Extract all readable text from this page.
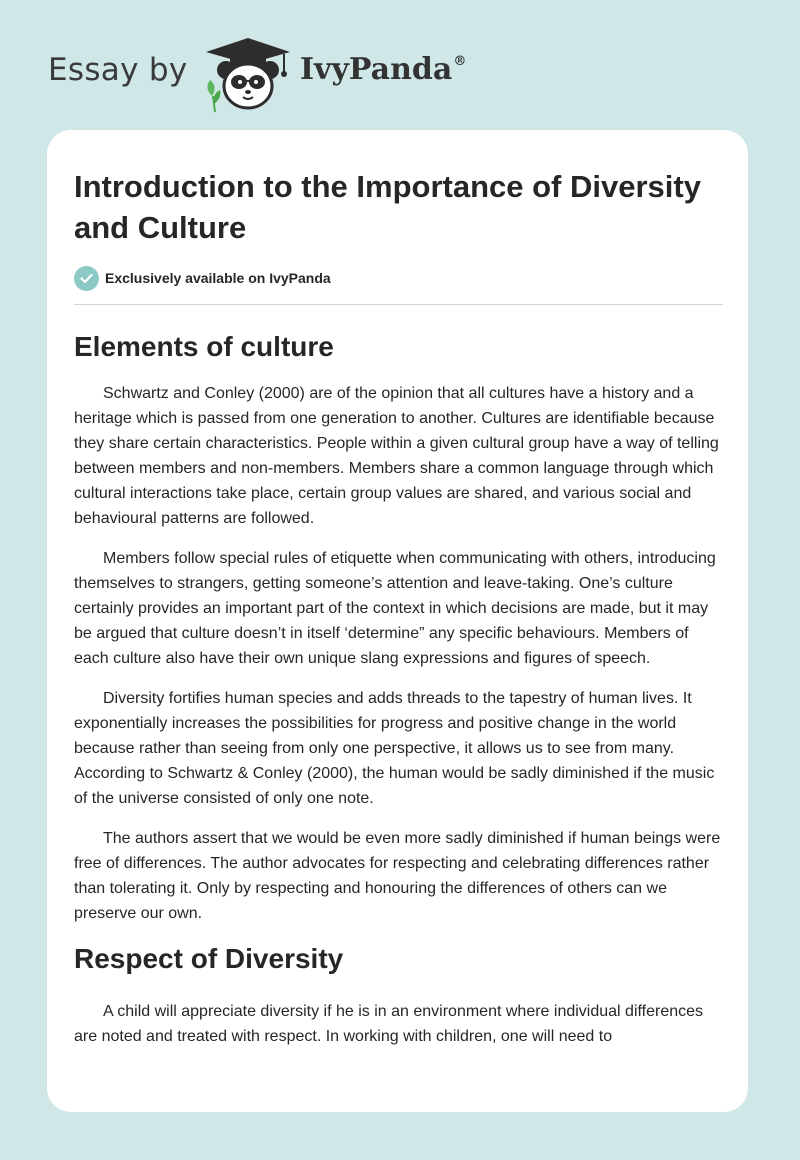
Essay by	IvyPanda®
Introduction to the Importance of Diversity and Culture
Exclusively available on IvyPanda
Elements of culture

Schwartz and Conley (2000) are of the opinion that all cultures have a history and a heritage which is passed from one generation to another. Cultures are identifiable because they share certain characteristics. People within a given cultural group have a way of telling between members and non-members. Members share a common language through which cultural interactions take place, certain group values are shared, and various social and behavioural patterns are followed.

Members follow special rules of etiquette when communicating with others, introducing themselves to strangers, getting someone’s attention and leave-taking. One’s culture certainly provides an important part of the context in which decisions are made, but it may be argued that culture doesn’t in itself ‘determine” any specific behaviours. Members of each culture also have their own unique slang expressions and figures of speech.

Diversity fortifies human species and adds threads to the tapestry of human lives. It exponentially increases the possibilities for progress and positive change in the world because rather than seeing from only one perspective, it allows us to see from many. According to Schwartz & Conley (2000), the human would be sadly diminished if the music of the universe consisted of only one note.

The authors assert that we would be even more sadly diminished if human beings were free of differences. The author advocates for respecting and celebrating differences rather than tolerating it. Only by respecting and honouring the differences of others can we preserve our own.

Respect of Diversity

A child will appreciate diversity if he is in an environment where individual differences are noted and treated with respect. In working with children, one will need to
